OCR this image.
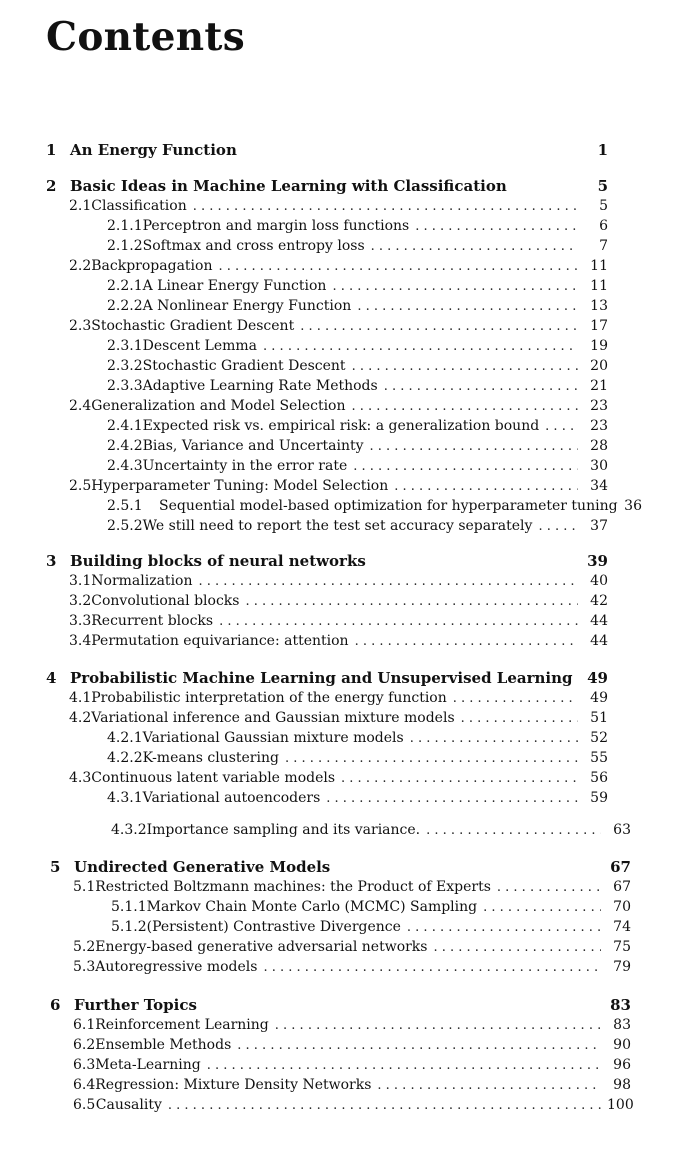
Contents
1 An Energy Function	1
2 Basic Ideas in Machine Learning with Classification	5
2.1 Classification . . .	5
2.1.1 Perceptron and margin loss functions . . .	6
2.1.2 Softmax and cross entropy loss . . .	7
2.2 Backpropagation . . .	11
2.2.1 A Linear Energy Function . . .	11
2.2.2 A Nonlinear Energy Function . . .	13
2.3 Stochastic Gradient Descent . . .	17
2.3.1 Descent Lemma . . .	19
2.3.2 Stochastic Gradient Descent . . .	20
2.3.3 Adaptive Learning Rate Methods . . .	21
2.4 Generalization and Model Selection . . .	23
2.4.1 Expected risk vs. empirical risk: a generalization bound . . .	23
2.4.2 Bias, Variance and Uncertainty . . .	28
2.4.3 Uncertainty in the error rate . . .	30
2.5 Hyperparameter Tuning: Model Selection . . .	34
2.5.1	Sequential model-based optimization for hyperparameter tuning 36
2.5.2 We still need to report the test set accuracy separately . . .	37
3 Building blocks of neural networks	39
3.1 Normalization . . .	40
3.2 Convolutional blocks . . .	42
3.3 Recurrent blocks . . .	44
3.4 Permutation equivariance: attention . . .	44
4 Probabilistic Machine Learning and Unsupervised Learning 49
4.1 Probabilistic interpretation of the energy function . . .	49
4.2 Variational inference and Gaussian mixture models . . .	51
4.2.1 Variational Gaussian mixture models . . .	52
4.2.2 K-means clustering . . .	55
4.3 Continuous latent variable models . . .	56
4.3.1 Variational autoencoders . . .	59
4.3.2 Importance sampling and its variance. . . .	63
5 Undirected Generative Models	67
5.1 Restricted Boltzmann machines: the Product of Experts . . .	67
5.1.1 Markov Chain Monte Carlo (MCMC) Sampling . . .	70
5.1.2 (Persistent) Contrastive Divergence . . .	74
5.2 Energy-based generative adversarial networks . . .	75
5.3 Autoregressive models . . .	79
6 Further Topics	83
6.1 Reinforcement Learning . . .	83
6.2 Ensemble Methods . . .	90
6.3 Meta-Learning . . .	96
6.4 Regression: Mixture Density Networks . . .	98
6.5 Causality . . .	100
